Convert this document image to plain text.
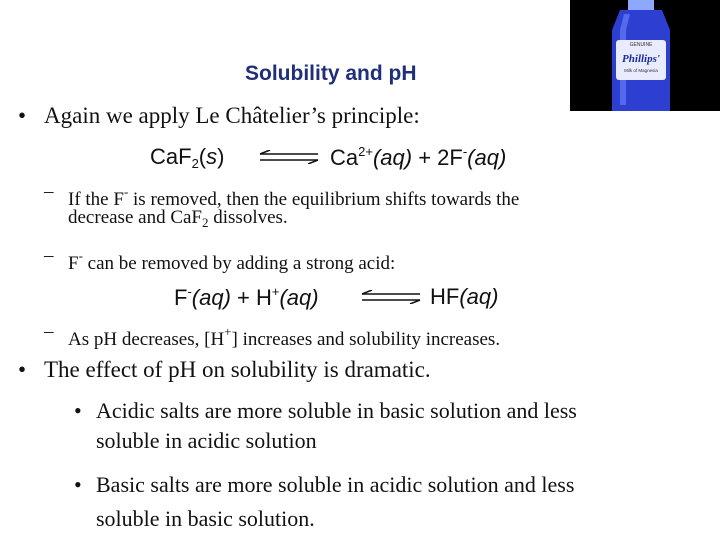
Solubility and pH
GENUINE
Phillips'
Milk of Magnesia
• Again we apply Le Châtelier’s principle:
CaF$_2$(s) ⇌ $Ca^{2+}(aq) + 2F^-(aq)$
– If the F- is removed, then the equilibrium shifts towards the
decrease and CaF$_2$ dissolves.
– F- can be removed by adding a strong acid:
F-(aq) + H+(aq)	⇌ HF(aq)
– As pH decreases, [H+] increases and solubility increases.
• The effect of pH on solubility is dramatic.
• Acidic salts are more soluble in basic solution and less
soluble in acidic solution
• Basic salts are more soluble in acidic solution and less
soluble in basic solution.
